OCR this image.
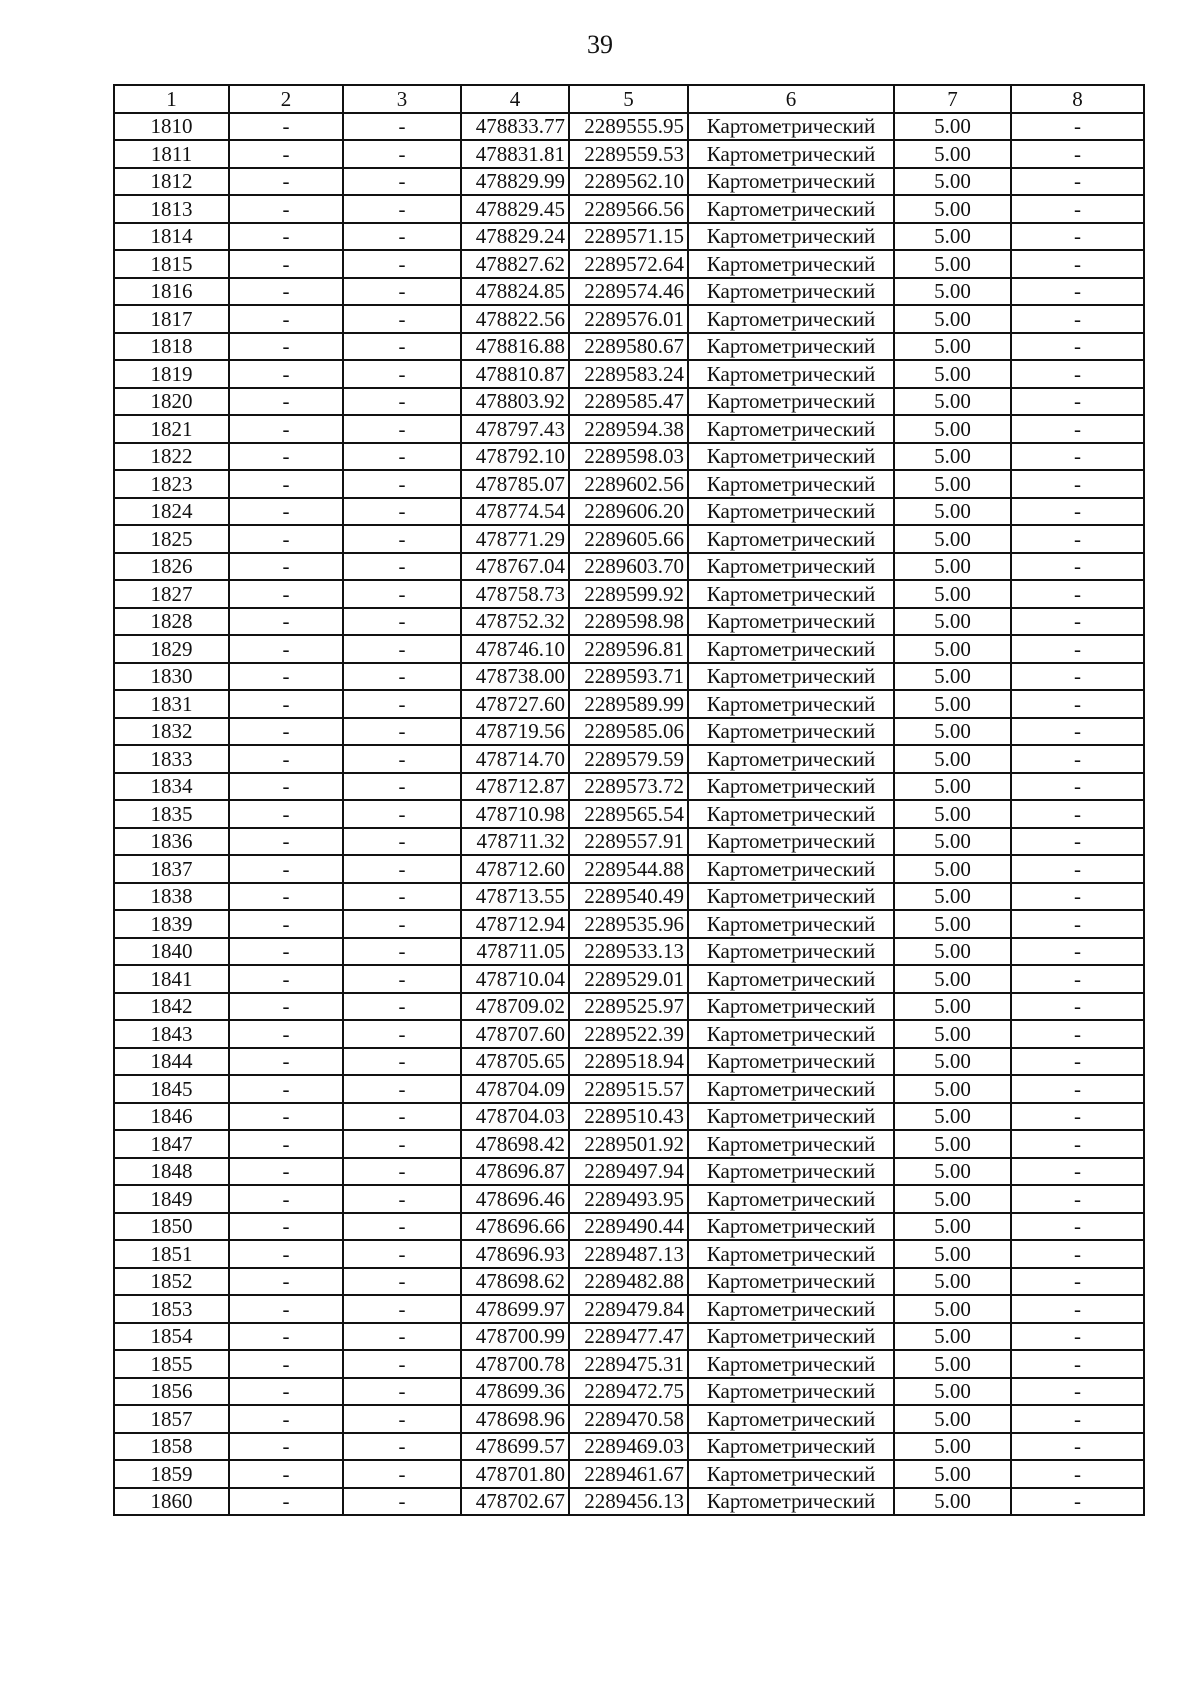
39
1	2	3	4	5	6	7	8
1810	-	-	478833.77	2289555.95	Картометрический	5.00	-
1811	-	-	478831.81	2289559.53	Картометрический	5.00	-
1812	-	-	478829.99	2289562.10	Картометрический	5.00	-
1813	-	-	478829.45	2289566.56	Картометрический	5.00	-
1814	-	-	478829.24	2289571.15	Картометрический	5.00	-
1815	-	-	478827.62	2289572.64	Картометрический	5.00	-
1816	-	-	478824.85	2289574.46	Картометрический	5.00	-
1817	-	-	478822.56	2289576.01	Картометрический	5.00	-
1818	-	-	478816.88	2289580.67	Картометрический	5.00	-
1819	-	-	478810.87	2289583.24	Картометрический	5.00	-
1820	-	-	478803.92	2289585.47	Картометрический	5.00	-
1821	-	-	478797.43	2289594.38	Картометрический	5.00	-
1822	-	-	478792.10	2289598.03	Картометрический	5.00	-
1823	-	-	478785.07	2289602.56	Картометрический	5.00	-
1824	-	-	478774.54	2289606.20	Картометрический	5.00	-
1825	-	-	478771.29	2289605.66	Картометрический	5.00	-
1826	-	-	478767.04	2289603.70	Картометрический	5.00	-
1827	-	-	478758.73	2289599.92	Картометрический	5.00	-
1828	-	-	478752.32	2289598.98	Картометрический	5.00	-
1829	-	-	478746.10	2289596.81	Картометрический	5.00	-
1830	-	-	478738.00	2289593.71	Картометрический	5.00	-
1831	-	-	478727.60	2289589.99	Картометрический	5.00	-
1832	-	-	478719.56	2289585.06	Картометрический	5.00	-
1833	-	-	478714.70	2289579.59	Картометрический	5.00	-
1834	-	-	478712.87	2289573.72	Картометрический	5.00	-
1835	-	-	478710.98	2289565.54	Картометрический	5.00	-
1836	-	-	478711.32	2289557.91	Картометрический	5.00	-
1837	-	-	478712.60	2289544.88	Картометрический	5.00	-
1838	-	-	478713.55	2289540.49	Картометрический	5.00	-
1839	-	-	478712.94	2289535.96	Картометрический	5.00	-
1840	-	-	478711.05	2289533.13	Картометрический	5.00	-
1841	-	-	478710.04	2289529.01	Картометрический	5.00	-
1842	-	-	478709.02	2289525.97	Картометрический	5.00	-
1843	-	-	478707.60	2289522.39	Картометрический	5.00	-
1844	-	-	478705.65	2289518.94	Картометрический	5.00	-
1845	-	-	478704.09	2289515.57	Картометрический	5.00	-
1846	-	-	478704.03	2289510.43	Картометрический	5.00	-
1847	-	-	478698.42	2289501.92	Картометрический	5.00	-
1848	-	-	478696.87	2289497.94	Картометрический	5.00	-
1849	-	-	478696.46	2289493.95	Картометрический	5.00	-
1850	-	-	478696.66	2289490.44	Картометрический	5.00	-
1851	-	-	478696.93	2289487.13	Картометрический	5.00	-
1852	-	-	478698.62	2289482.88	Картометрический	5.00	-
1853	-	-	478699.97	2289479.84	Картометрический	5.00	-
1854	-	-	478700.99	2289477.47	Картометрический	5.00	-
1855	-	-	478700.78	2289475.31	Картометрический	5.00	-
1856	-	-	478699.36	2289472.75	Картометрический	5.00	-
1857	-	-	478698.96	2289470.58	Картометрический	5.00	-
1858	-	-	478699.57	2289469.03	Картометрический	5.00	-
1859	-	-	478701.80	2289461.67	Картометрический	5.00	-
1860	-	-	478702.67	2289456.13	Картометрический	5.00	-
